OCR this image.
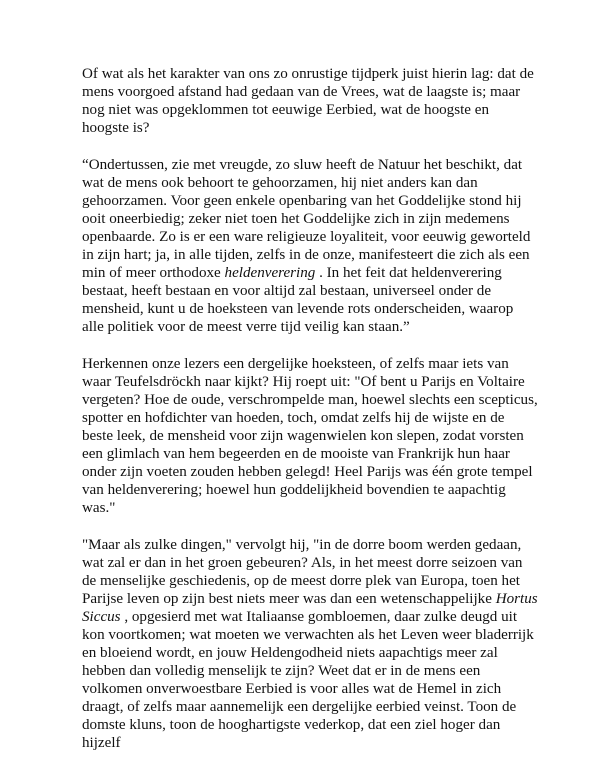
Of wat als het karakter van ons zo onrustige tijdperk juist hierin lag: dat de mens voorgoed afstand had gedaan van de Vrees, wat de laagste is; maar nog niet was opgeklommen tot eeuwige Eerbied, wat de hoogste en hoogste is?

“Ondertussen, zie met vreugde, zo sluw heeft de Natuur het beschikt, dat wat de mens ook behoort te gehoorzamen, hij niet anders kan dan gehoorzamen. Voor geen enkele openbaring van het Goddelijke stond hij ooit oneerbiedig; zeker niet toen het Goddelijke zich in zijn medemens openbaarde. Zo is er een ware religieuze loyaliteit, voor eeuwig geworteld in zijn hart; ja, in alle tijden, zelfs in de onze, manifesteert die zich als een min of meer orthodoxe heldenverering . In het feit dat heldenverering bestaat, heeft bestaan en voor altijd zal bestaan, universeel onder de mensheid, kunt u de hoeksteen van levende rots onderscheiden, waarop alle politiek voor de meest verre tijd veilig kan staan.”

Herkennen onze lezers een dergelijke hoeksteen, of zelfs maar iets van waar Teufelsdröckh naar kijkt? Hij roept uit: "Of bent u Parijs en Voltaire vergeten? Hoe de oude, verschrompelde man, hoewel slechts een scepticus, spotter en hofdichter van hoeden, toch, omdat zelfs hij de wijste en de beste leek, de mensheid voor zijn wagenwielen kon slepen, zodat vorsten een glimlach van hem begeerden en de mooiste van Frankrijk hun haar onder zijn voeten zouden hebben gelegd! Heel Parijs was één grote tempel van heldenverering; hoewel hun goddelijkheid bovendien te aapachtig was."

"Maar als zulke dingen," vervolgt hij, "in de dorre boom werden gedaan, wat zal er dan in het groen gebeuren? Als, in het meest dorre seizoen van de menselijke geschiedenis, op de meest dorre plek van Europa, toen het Parijse leven op zijn best niets meer was dan een wetenschappelijke Hortus Siccus , opgesierd met wat Italiaanse gombloemen, daar zulke deugd uit kon voortkomen; wat moeten we verwachten als het Leven weer bladerrijk en bloeiend wordt, en jouw Heldengodheid niets aapachtigs meer zal hebben dan volledig menselijk te zijn? Weet dat er in de mens een volkomen onverwoestbare Eerbied is voor alles wat de Hemel in zich draagt, of zelfs maar aannemelijk een dergelijke eerbied veinst. Toon de domste kluns, toon de hooghartigste vederkop, dat een ziel hoger dan hijzelf
